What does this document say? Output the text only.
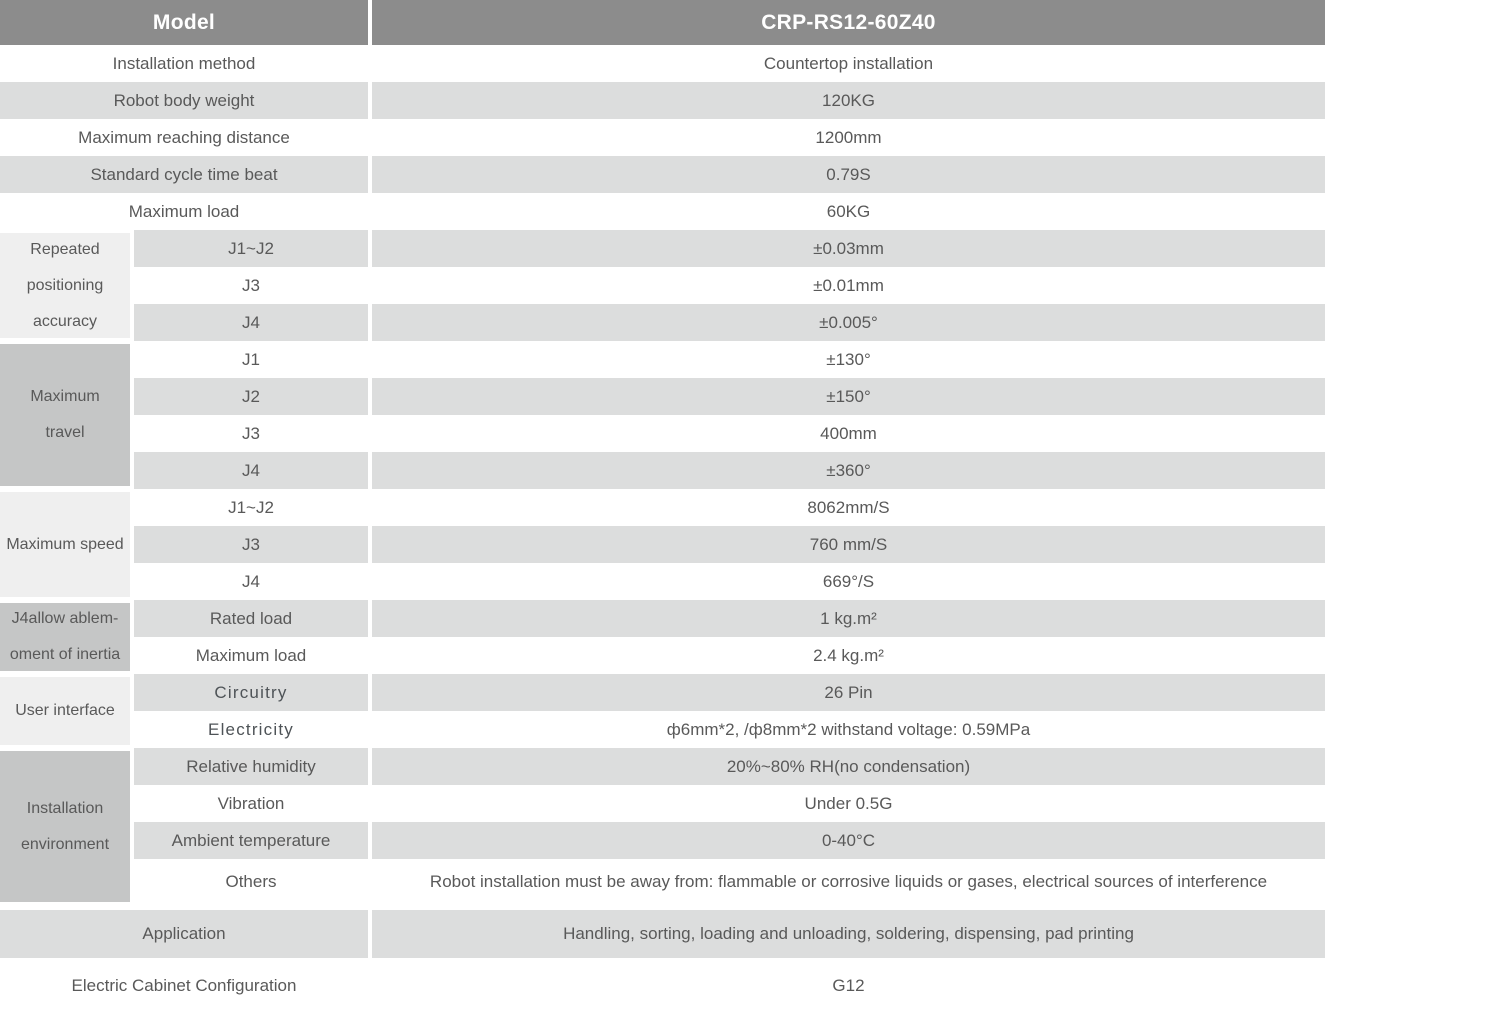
Model	CRP-RS12-60Z40
Installation method	Countertop installation
Robot body weight	120KG
Maximum reaching distance	1200mm
Standard cycle time beat	0.79S
Maximum load	60KG
Repeated
positioning
accuracy
J1~J2	±0.03mm
J3	±0.01mm
J4	±0.005°
Maximum
travel
J1	±130°
J2	±150°
J3	400mm
J4	±360°
Maximum speed
J1~J2	8062mm/S
J3	760 mm/S
J4	669°/S
J4allow ablem-
oment of inertia
Rated load	1 kg.m²
Maximum load	2.4 kg.m²
User interface
Circuitry	26 Pin
Electricity	ф6mm*2, /ф8mm*2 withstand voltage: 0.59MPa
Installation
environment
Relative humidity	20%~80% RH(no condensation)
Vibration	Under 0.5G
Ambient temperature	0-40°C
Others	Robot installation must be away from: flammable or corrosive liquids or gases, electrical sources of interference
Application	Handling, sorting, loading and unloading, soldering, dispensing, pad printing
Electric Cabinet Configuration	G12
